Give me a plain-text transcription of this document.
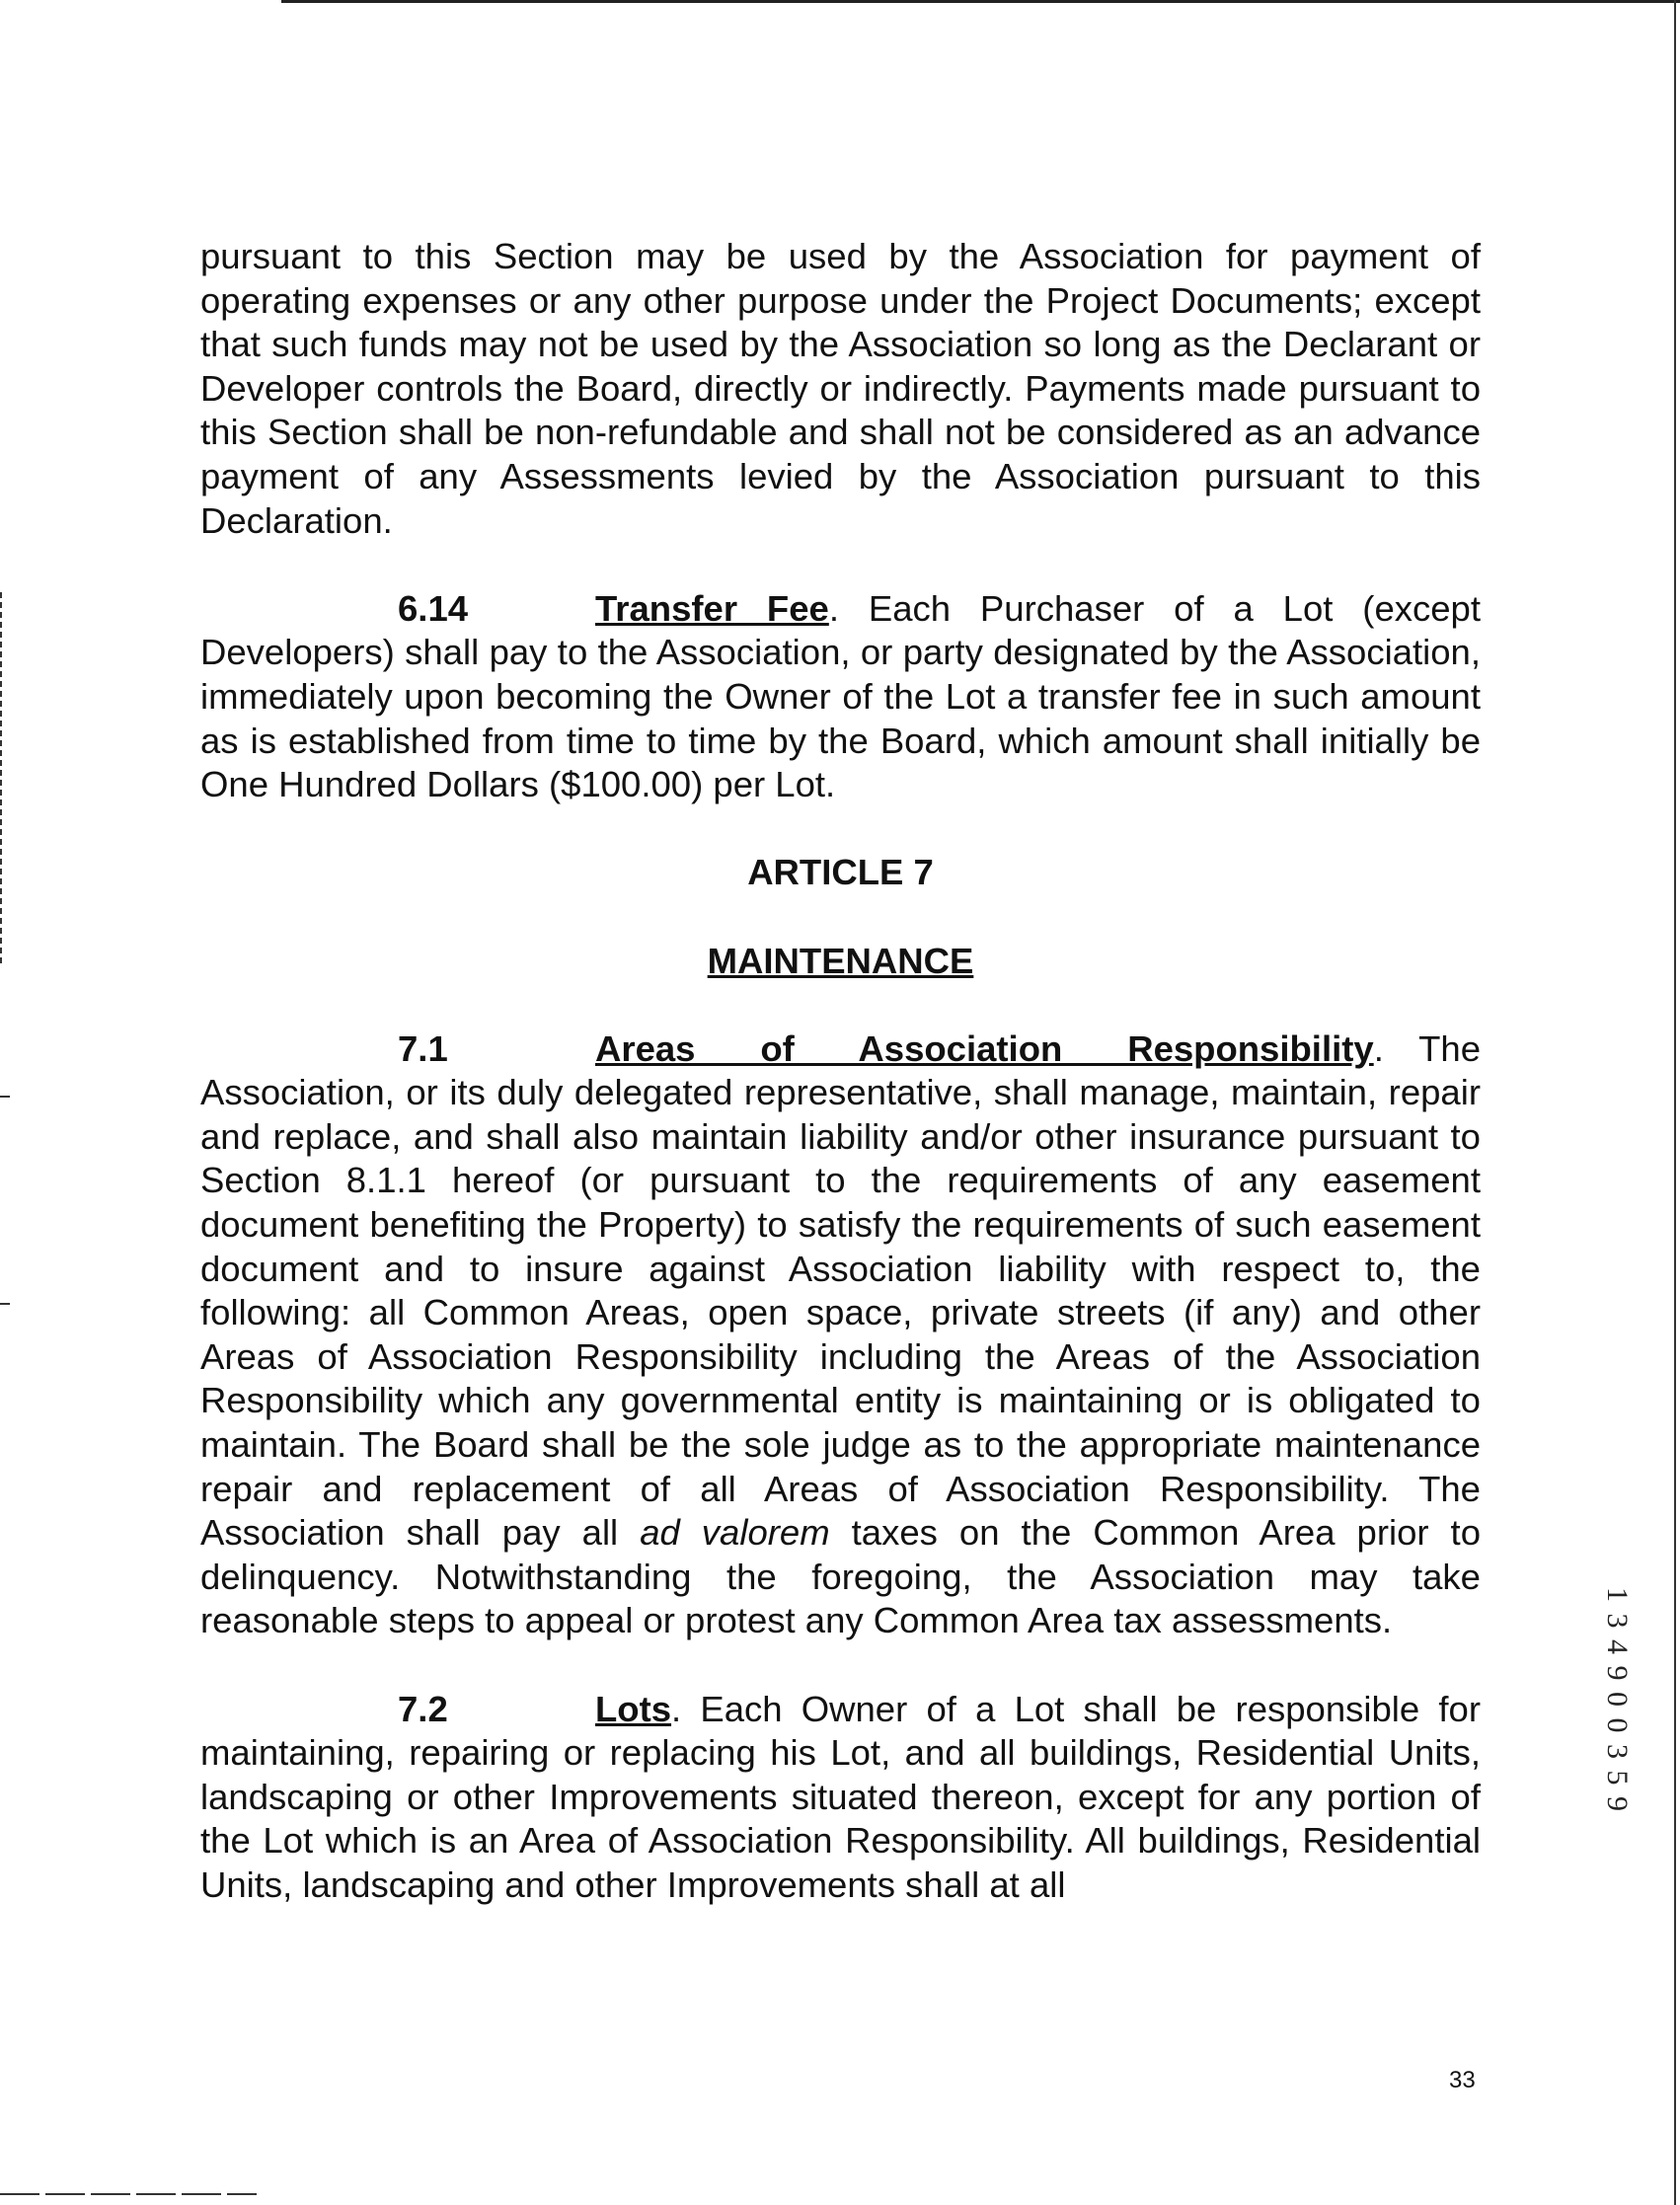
pursuant to this Section may be used by the Association for payment of operating expenses or any other purpose under the Project Documents; except that such funds may not be used by the Association so long as the Declarant or Developer controls the Board, directly or indirectly. Payments made pursuant to this Section shall be non-refundable and shall not be considered as an advance payment of any Assessments levied by the Association pursuant to this Declaration.

6.14	Transfer Fee. Each Purchaser of a Lot (except Developers) shall pay to the Association, or party designated by the Association, immediately upon becoming the Owner of the Lot a transfer fee in such amount as is established from time to time by the Board, which amount shall initially be One Hundred Dollars ($100.00) per Lot.

ARTICLE 7

MAINTENANCE

7.1	Areas of Association Responsibility. The Association, or its duly delegated representative, shall manage, maintain, repair and replace, and shall also maintain liability and/or other insurance pursuant to Section 8.1.1 hereof (or pursuant to the requirements of any easement document benefiting the Property) to satisfy the requirements of such easement document and to insure against Association liability with respect to, the following: all Common Areas, open space, private streets (if any) and other Areas of Association Responsibility including the Areas of the Association Responsibility which any governmental entity is maintaining or is obligated to maintain. The Board shall be the sole judge as to the appropriate maintenance repair and replacement of all Areas of Association Responsibility. The Association shall pay all ad valorem taxes on the Common Area prior to delinquency. Notwithstanding the foregoing, the Association may take reasonable steps to appeal or protest any Common Area tax assessments.

7.2	Lots. Each Owner of a Lot shall be responsible for maintaining, repairing or replacing his Lot, and all buildings, Residential Units, landscaping or other Improvements situated thereon, except for any portion of the Lot which is an Area of Association Responsibility. All buildings, Residential Units, landscaping and other Improvements shall at all

1 3 4 9 0 0 3 5 9
33
